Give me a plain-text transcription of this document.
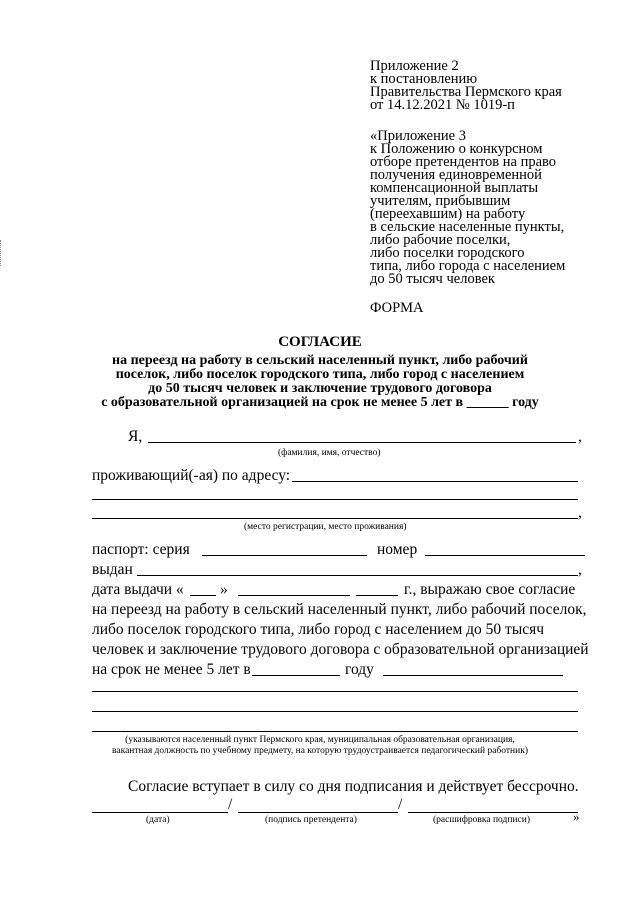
Приложение 2
к постановлению
Правительства Пермского края
от 14.12.2021 № 1019-п
«Приложение 3
к Положению о конкурсном
отборе претендентов на право
получения единовременной
компенсационной выплаты
учителям, прибывшим
(переехавшим) на работу
в сельские населенные пункты,
либо рабочие поселки,
либо поселки городского
типа, либо города с населением
до 50 тысяч человек
ФОРМА
СОГЛАСИЕ
на переезд на работу в сельский населенный пункт, либо рабочий
поселок, либо поселок городского типа, либо город с населением
до 50 тысяч человек и заключение трудового договора
с образовательной организацией на срок не менее 5 лет в ______ году
Я,	,
(фамилия, имя, отчество)
проживающий(-ая) по адресу:
,
(место регистрации, место проживания)
паспорт: серия	номер
выдан	,
дата выдачи « »	г., выражаю свое согласие
на переезд на работу в сельский населенный пункт, либо рабочий поселок,
либо поселок городского типа, либо город с населением до 50 тысяч
человек и заключение трудового договора с образовательной организацией
на срок не менее 5 лет в	году
(указываются населенный пункт Пермского края, муниципальная образовательная организация,
вакантная должность по учебному предмету, на которую трудоустраивается педагогический работник)
Согласие вступает в силу со дня подписания и действует бессрочно.
/	/
(дата)	(подпись претендента)	(расшифровка подписи)	»
